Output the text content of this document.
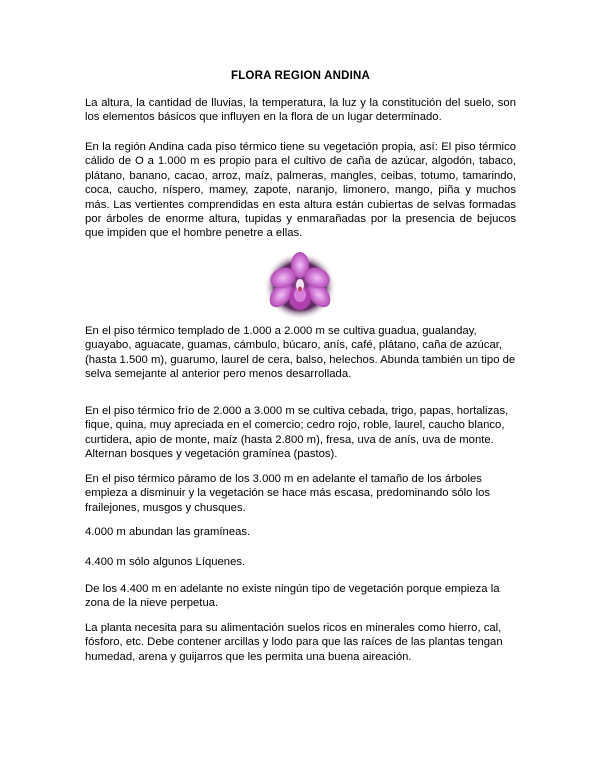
FLORA REGION ANDINA

La altura, la cantidad de lluvias, la temperatura, la luz y la constitución del suelo, son los elementos básicos que influyen en la flora de un lugar determinado.

En la región Andina cada piso térmico tiene su vegetación propia, así: El piso térmico cálido de O a 1.000 m es propio para el cultivo de caña de azúcar, algodón, tabaco, plátano, banano, cacao, arroz, maíz, palmeras, mangles, ceibas, totumo, tamarindo, coca, caucho, níspero, mamey, zapote, naranjo, limonero, mango, piña y muchos más. Las vertientes comprendidas en esta altura están cubiertas de selvas formadas por árboles de enorme altura, tupidas y enmarañadas por la presencia de bejucos que impiden que el hombre penetre a ellas.

En el piso térmico templado de 1.000 a 2.000 m se cultiva guadua, gualanday, guayabo, aguacate, guamas, cámbulo, búcaro, anís, café, plátano, caña de azúcar, (hasta 1.500 m), guarumo, laurel de cera, balso, helechos. Abunda también un tipo de selva semejante al anterior pero menos desarrollada.

En el piso térmico frío de 2.000 a 3.000 m se cultiva cebada, trigo, papas, hortalizas, fique, quina, muy apreciada en el comercio; cedro rojo, roble, laurel, caucho blanco, curtidera, apio de monte, maíz (hasta 2.800 m), fresa, uva de anís, uva de monte. Alternan bosques y vegetación gramínea (pastos).

En el piso térmico páramo de los 3.000 m en adelante el tamaño de los árboles empieza a disminuir y la vegetación se hace más escasa, predominando sólo los frailejones, musgos y chusques.

4.000 m abundan las gramíneas.

4.400 m sólo algunos Líquenes.

De los 4.400 m en adelante no existe ningún tipo de vegetación porque empieza la zona de la nieve perpetua.

La planta necesita para su alimentación suelos ricos en minerales como hierro, cal, fósforo, etc. Debe contener arcillas y lodo para que las raíces de las plantas tengan humedad, arena y guijarros que les permita una buena aireación.
